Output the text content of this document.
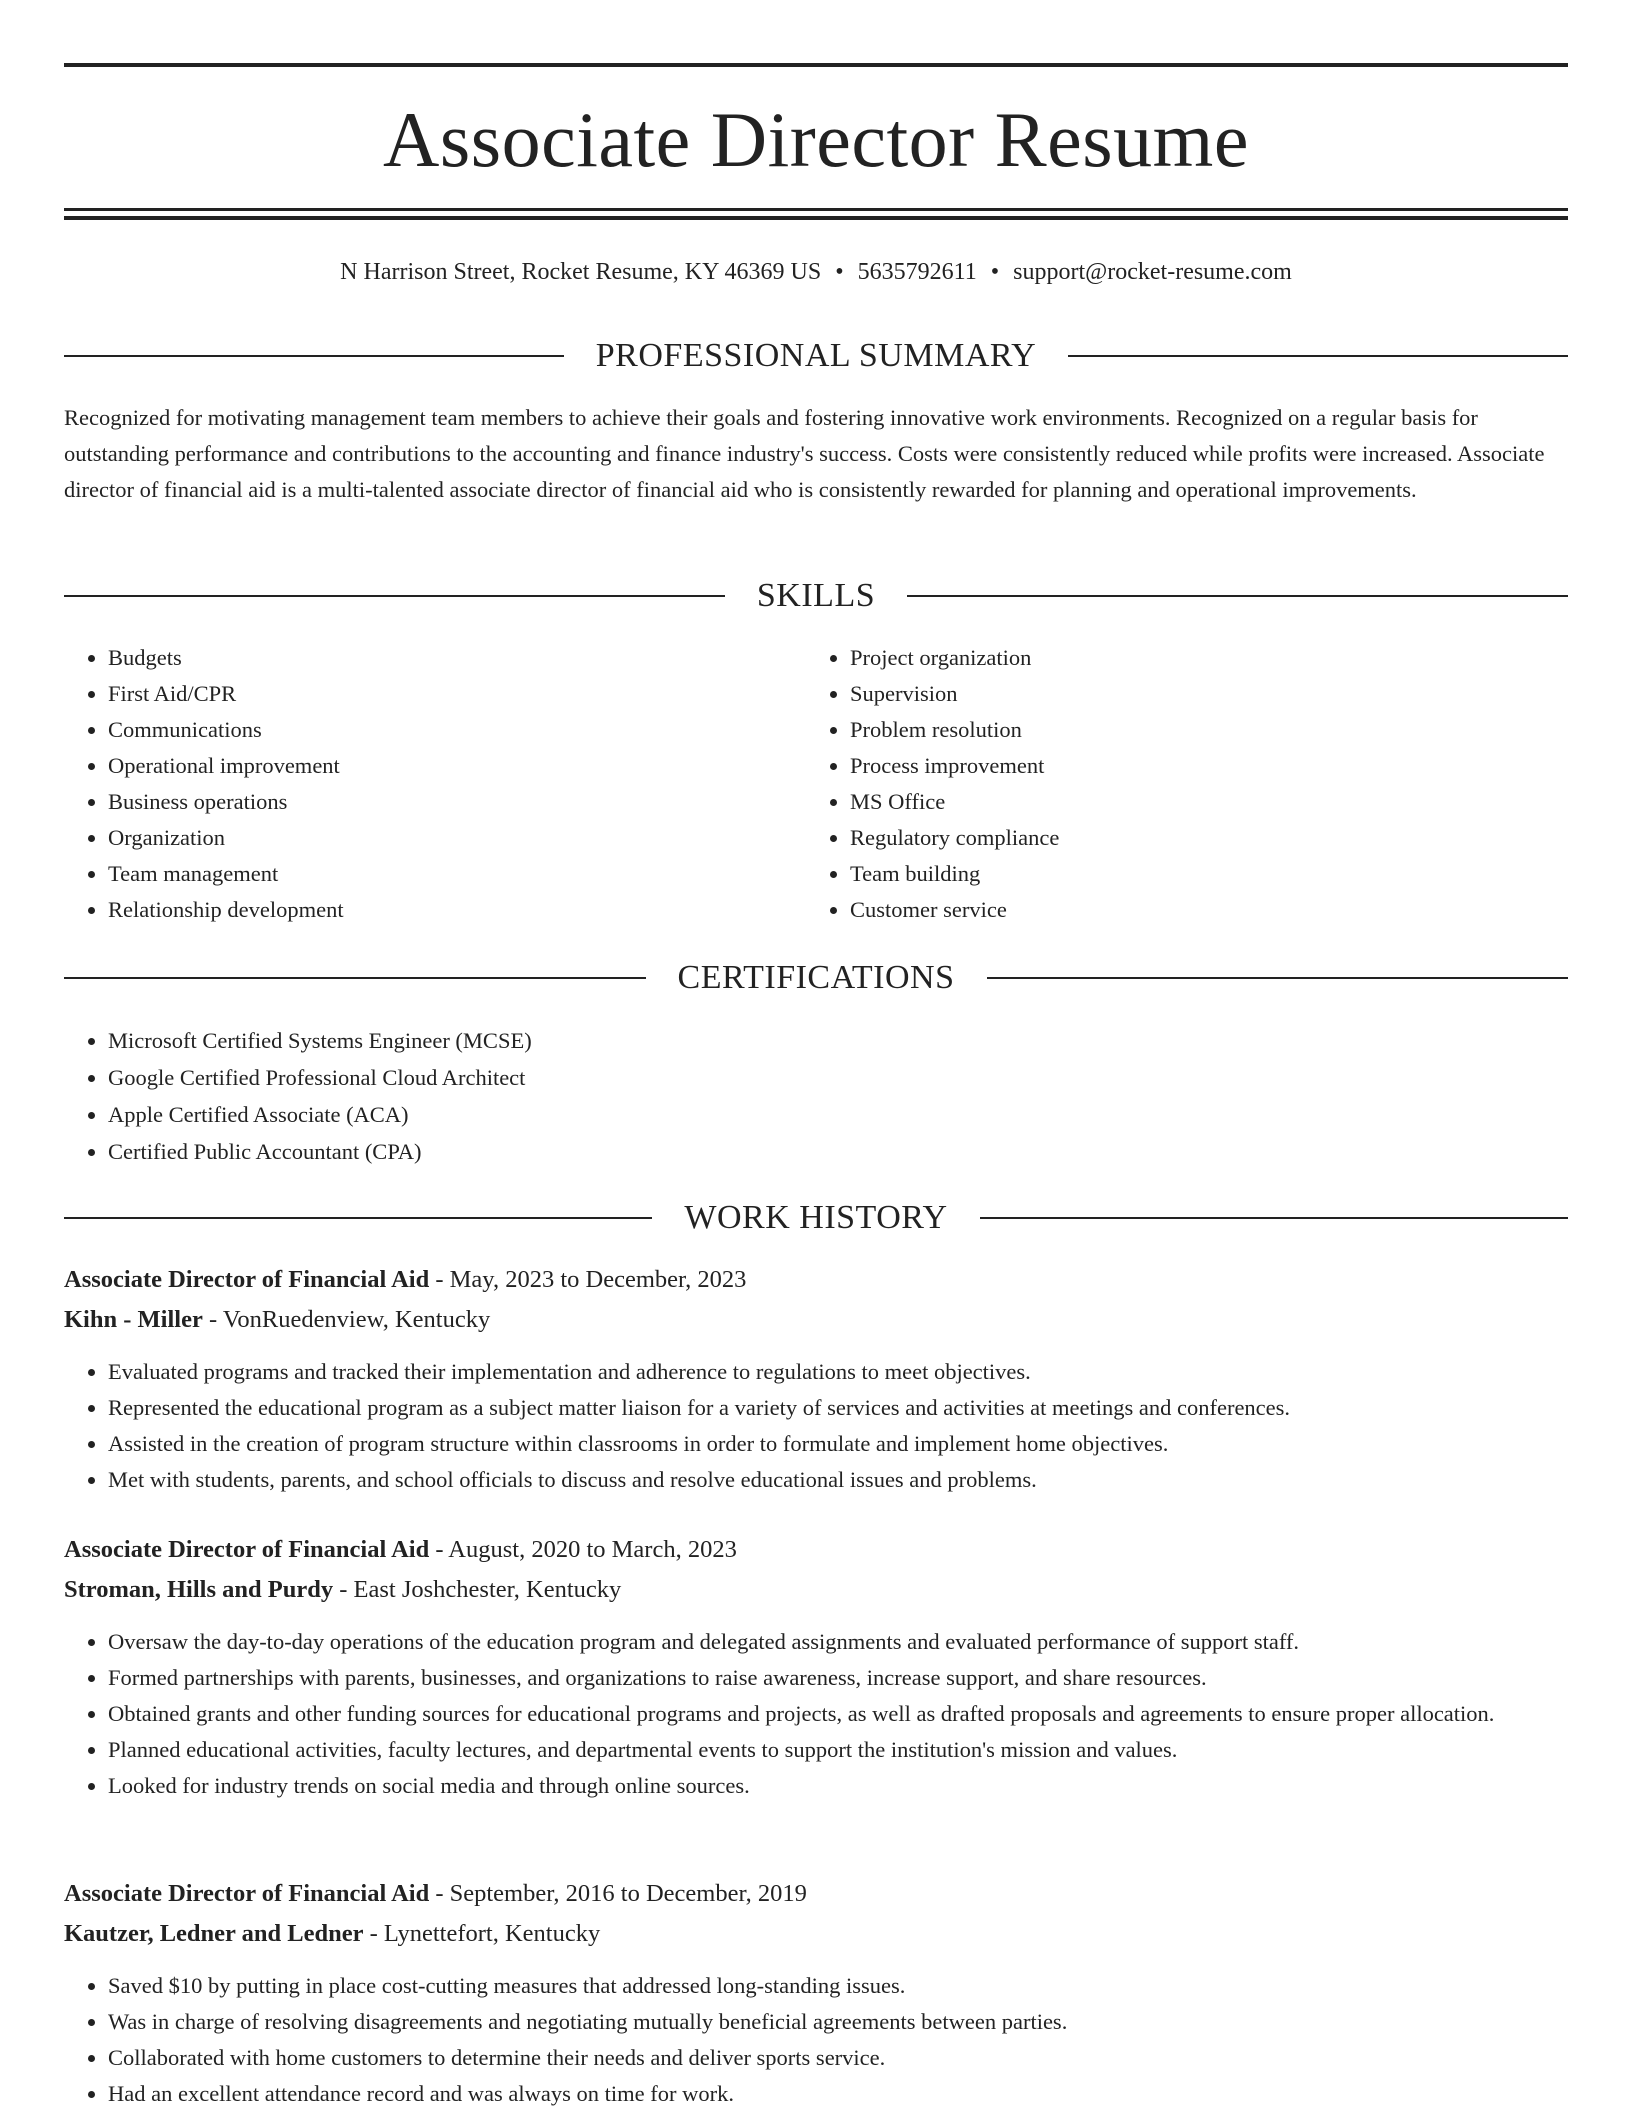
Associate Director Resume
N Harrison Street, Rocket Resume, KY 46369 US • 5635792611 • support@rocket-resume.com
PROFESSIONAL SUMMARY

Recognized for motivating management team members to achieve their goals and fostering innovative work environments. Recognized on a regular basis for outstanding performance and contributions to the accounting and finance industry's success. Costs were consistently reduced while profits were increased. Associate director of financial aid is a multi-talented associate director of financial aid who is consistently rewarded for planning and operational improvements.

SKILLS
• Budgets
• First Aid/CPR
• Communications
• Operational improvement
• Business operations
• Organization
• Team management
• Relationship development
• Project organization
• Supervision
• Problem resolution
• Process improvement
• MS Office
• Regulatory compliance
• Team building
• Customer service
CERTIFICATIONS
• Microsoft Certified Systems Engineer (MCSE)
• Google Certified Professional Cloud Architect
• Apple Certified Associate (ACA)
• Certified Public Accountant (CPA)
WORK HISTORY
Associate Director of Financial Aid - May, 2023 to December, 2023
Kihn - Miller - VonRuedenview, Kentucky
• Evaluated programs and tracked their implementation and adherence to regulations to meet objectives.
• Represented the educational program as a subject matter liaison for a variety of services and activities at meetings and conferences.
• Assisted in the creation of program structure within classrooms in order to formulate and implement home objectives.
• Met with students, parents, and school officials to discuss and resolve educational issues and problems.
Associate Director of Financial Aid - August, 2020 to March, 2023
Stroman, Hills and Purdy - East Joshchester, Kentucky
• Oversaw the day-to-day operations of the education program and delegated assignments and evaluated performance of support staff.
• Formed partnerships with parents, businesses, and organizations to raise awareness, increase support, and share resources.
• Obtained grants and other funding sources for educational programs and projects, as well as drafted proposals and agreements to ensure proper allocation.
• Planned educational activities, faculty lectures, and departmental events to support the institution's mission and values.
• Looked for industry trends on social media and through online sources.
Associate Director of Financial Aid - September, 2016 to December, 2019
Kautzer, Ledner and Ledner - Lynettefort, Kentucky
• Saved $10 by putting in place cost-cutting measures that addressed long-standing issues.
• Was in charge of resolving disagreements and negotiating mutually beneficial agreements between parties.
• Collaborated with home customers to determine their needs and deliver sports service.
• Had an excellent attendance record and was always on time for work.
